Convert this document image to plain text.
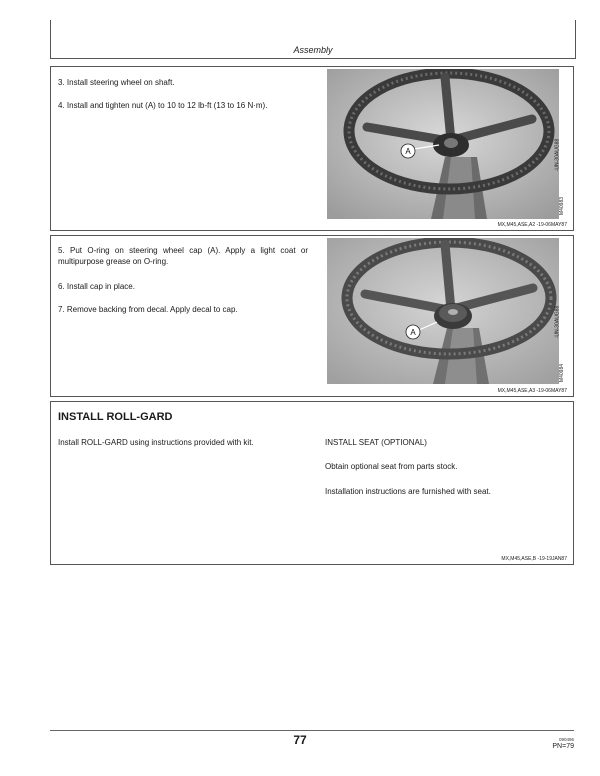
Assembly

3. Install steering wheel on shaft.

4. Install and tighten nut (A) to 10 to 12 lb-ft (13 to 16 N·m).

A	-UN-30AUG88
M40983
MX,M45,ASE,A2 -19-06MAY87

5. Put O-ring on steering wheel cap (A). Apply a light coat or multipurpose grease on O-ring.

6. Install cap in place.

7. Remove backing from decal. Apply decal to cap.

A	-UN-30AUG88
M40984
MX,M45,ASE,A3 -19-06MAY87
INSTALL ROLL-GARD

Install ROLL-GARD using instructions provided with kit.	INSTALL SEAT (OPTIONAL)

Obtain optional seat from parts stock.

Installation instructions are furnished with seat.

MX,M45,ASE,B -19-19JAN87
77	090496
PN=79
